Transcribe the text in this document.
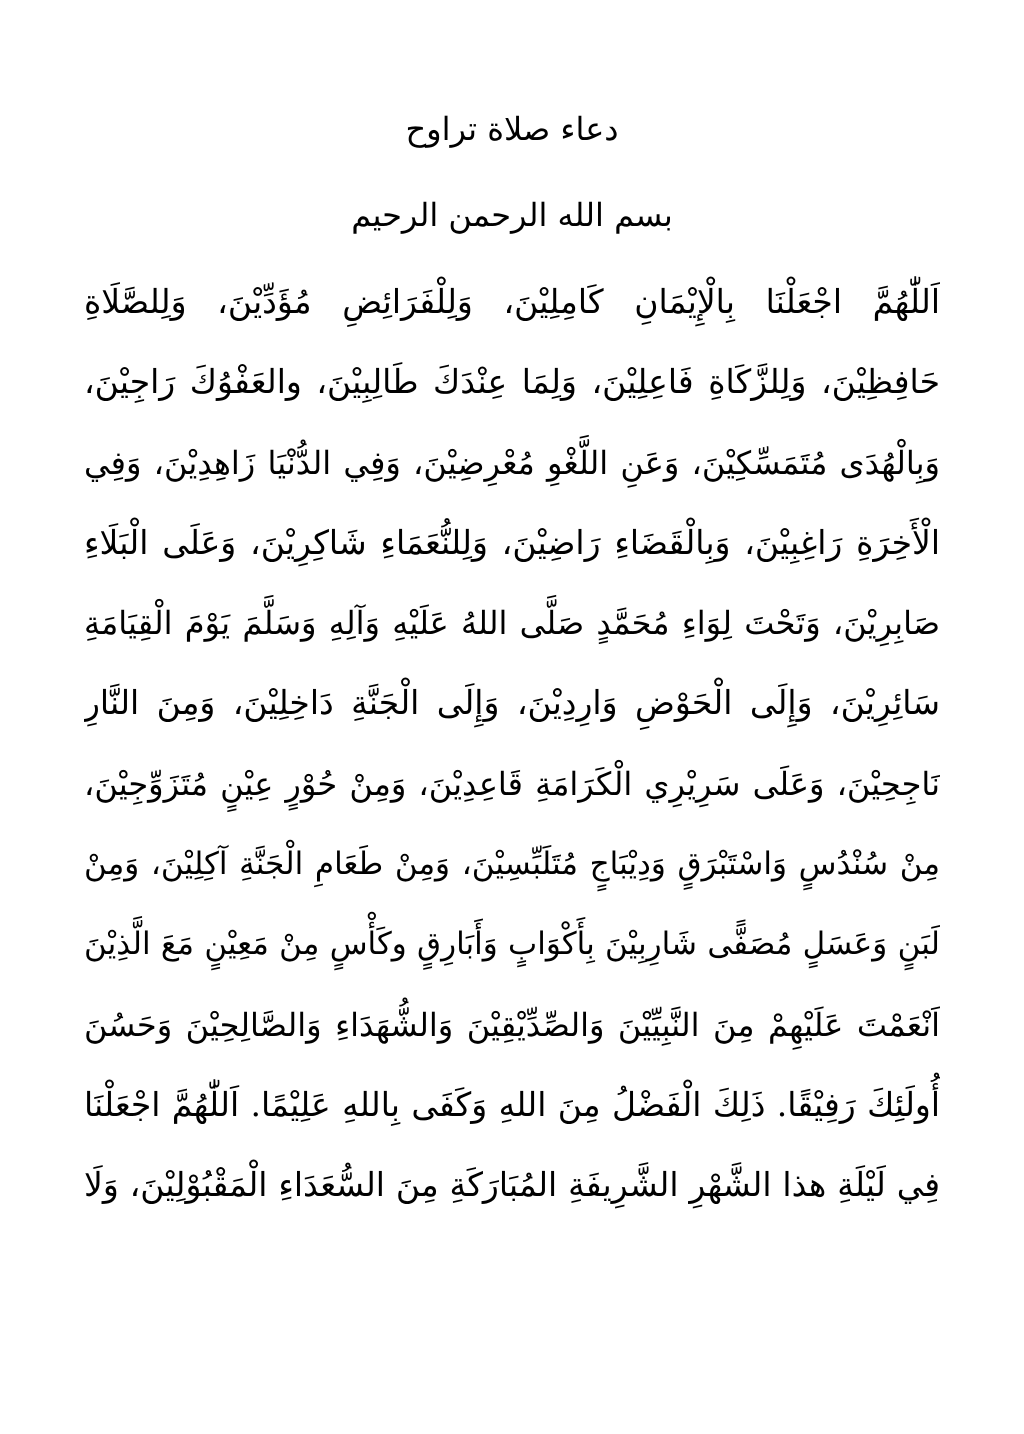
دعاء صلاة تراوح
بسم الله الرحمن الرحيم
اَللّٰهُمَّ اجْعَلْنَا بِالْإِيْمَانِ كَامِلِيْنَ، وَلِلْفَرَائِضِ مُؤَدِّيْنَ، وَلِلصَّلَاةِ
حَافِظِيْنَ، وَلِلزَّكَاةِ فَاعِلِيْنَ، وَلِمَا عِنْدَكَ طَالِبِيْنَ، والعَفْوُكَ رَاجِيْنَ،
وَبِالْهُدَى مُتَمَسِّكِيْنَ، وَعَنِ اللَّغْوِ مُعْرِضِيْنَ، وَفِي الدُّنْيَا زَاهِدِيْنَ، وَفِي
الْأَخِرَةِ رَاغِبِيْنَ، وَبِالْقَضَاءِ رَاضِيْنَ، وَلِلنُّعَمَاءِ شَاكِرِيْنَ، وَعَلَى الْبَلَاءِ
صَابِرِيْنَ، وَتَحْتَ لِوَاءِ مُحَمَّدٍ صَلَّى اللهُ عَلَيْهِ وَآلِهِ وَسَلَّمَ يَوْمَ الْقِيَامَةِ
سَائِرِيْنَ، وَإِلَى الْحَوْضِ وَارِدِيْنَ، وَإِلَى الْجَنَّةِ دَاخِلِيْنَ، وَمِنَ النَّارِ
نَاجِحِيْنَ، وَعَلَى سَرِيْرِي الْكَرَامَةِ قَاعِدِيْنَ، وَمِنْ حُوْرٍ عِيْنٍ مُتَزَوِّجِيْنَ،
مِنْ سُنْدُسٍ وَاسْتَبْرَقٍ وَدِيْبَاجٍ مُتَلَبِّسِيْنَ، وَمِنْ طَعَامِ الْجَنَّةِ آكِلِيْنَ، وَمِنْ
لَبَنٍ وَعَسَلٍ مُصَفًّى شَارِبِيْنَ بِأَكْوَابٍ وَأَبَارِقٍ وكَأْسٍ مِنْ مَعِيْنٍ مَعَ الَّذِيْنَ
اَنْعَمْتَ عَلَيْهِمْ مِنَ النَّبِيِّيْنَ وَالصِّدِّيْقِيْنَ وَالشُّهَدَاءِ وَالصَّالِحِيْنَ وَحَسُنَ
أُولَئِكَ رَفِيْقًا. ذَلِكَ الْفَضْلُ مِنَ اللهِ وَكَفَى بِاللهِ عَلِيْمًا. اَللّٰهُمَّ اجْعَلْنَا
فِي لَيْلَةِ هذا الشَّهْرِ الشَّرِيفَةِ المُبَارَكَةِ مِنَ السُّعَدَاءِ الْمَقْبُوْلِيْنَ، وَلَا
